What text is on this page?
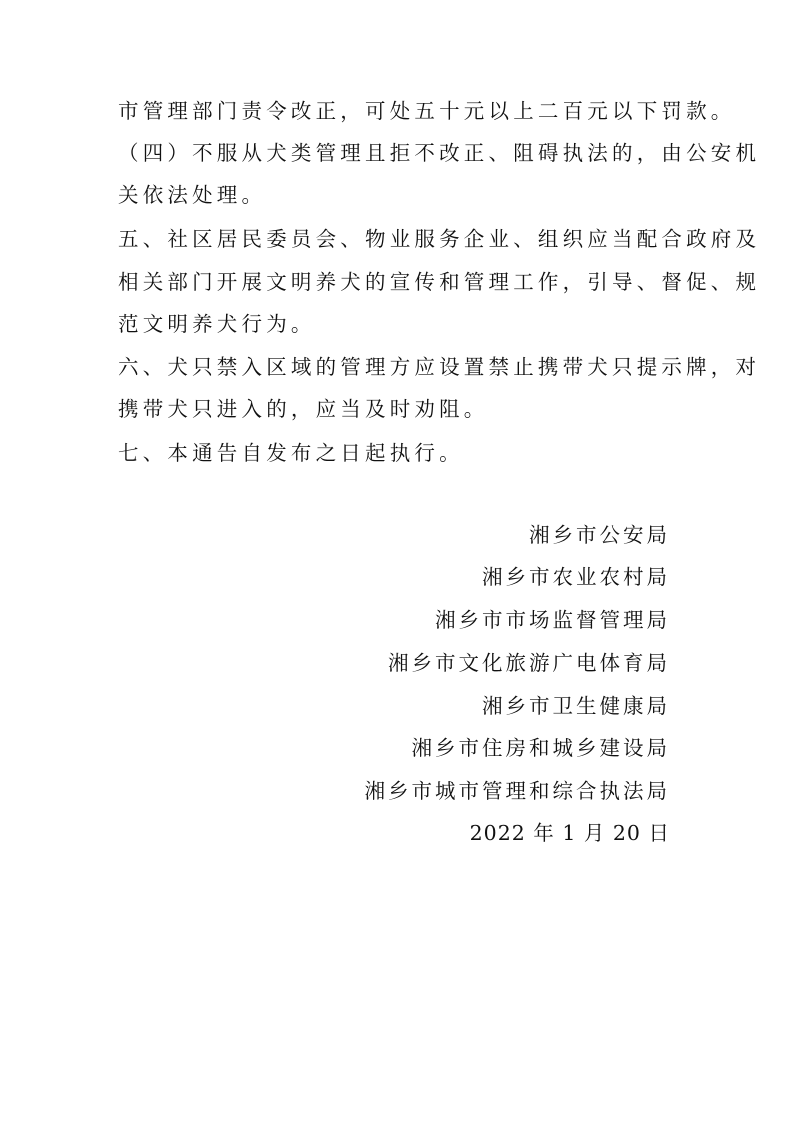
市管理部门责令改正，可处五十元以上二百元以下罚款。
（四）不服从犬类管理且拒不改正、阻碍执法的，由公安机
关依法处理。
五、社区居民委员会、物业服务企业、组织应当配合政府及
相关部门开展文明养犬的宣传和管理工作，引导、督促、规
范文明养犬行为。
六、犬只禁入区域的管理方应设置禁止携带犬只提示牌，对
携带犬只进入的，应当及时劝阻。
七、本通告自发布之日起执行。
湘乡市公安局
湘乡市农业农村局
湘乡市市场监督管理局
湘乡市文化旅游广电体育局
湘乡市卫生健康局
湘乡市住房和城乡建设局
湘乡市城市管理和综合执法局
2022 年 1 月 20 日
